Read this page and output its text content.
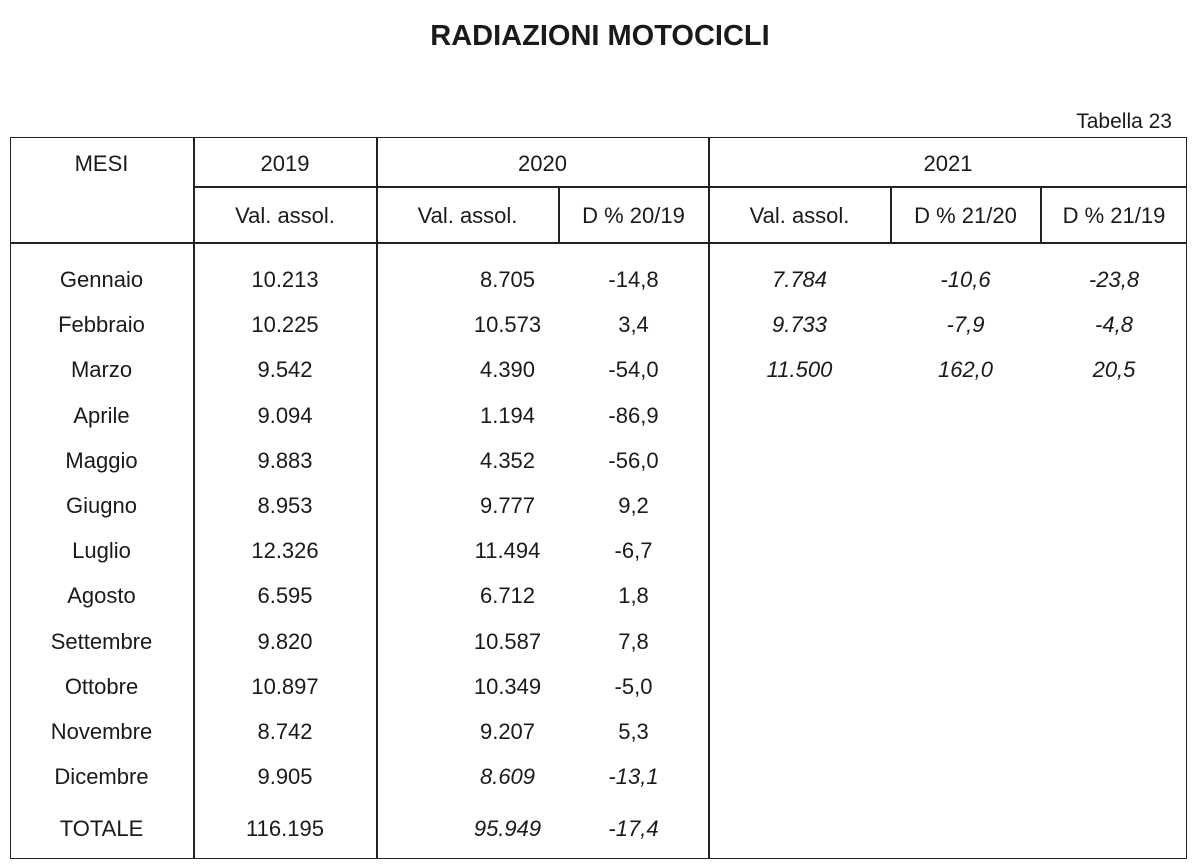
RADIAZIONI MOTOCICLI
Tabella 23
MESI	2019	2020	2021
Val. assol.	Val. assol.	D % 20/19	Val. assol.	D % 21/20	D % 21/19
Gennaio	10.213	8.705	-14,8	7.784	-10,6	-23,8
Febbraio	10.225	10.573	3,4	9.733	-7,9	-4,8
Marzo	9.542	4.390	-54,0	11.500	162,0	20,5
Aprile	9.094	1.194	-86,9
Maggio	9.883	4.352	-56,0
Giugno	8.953	9.777	9,2
Luglio	12.326	11.494	-6,7
Agosto	6.595	6.712	1,8
Settembre	9.820	10.587	7,8
Ottobre	10.897	10.349	-5,0
Novembre	8.742	9.207	5,3
Dicembre	9.905	8.609	-13,1
TOTALE	116.195	95.949	-17,4
